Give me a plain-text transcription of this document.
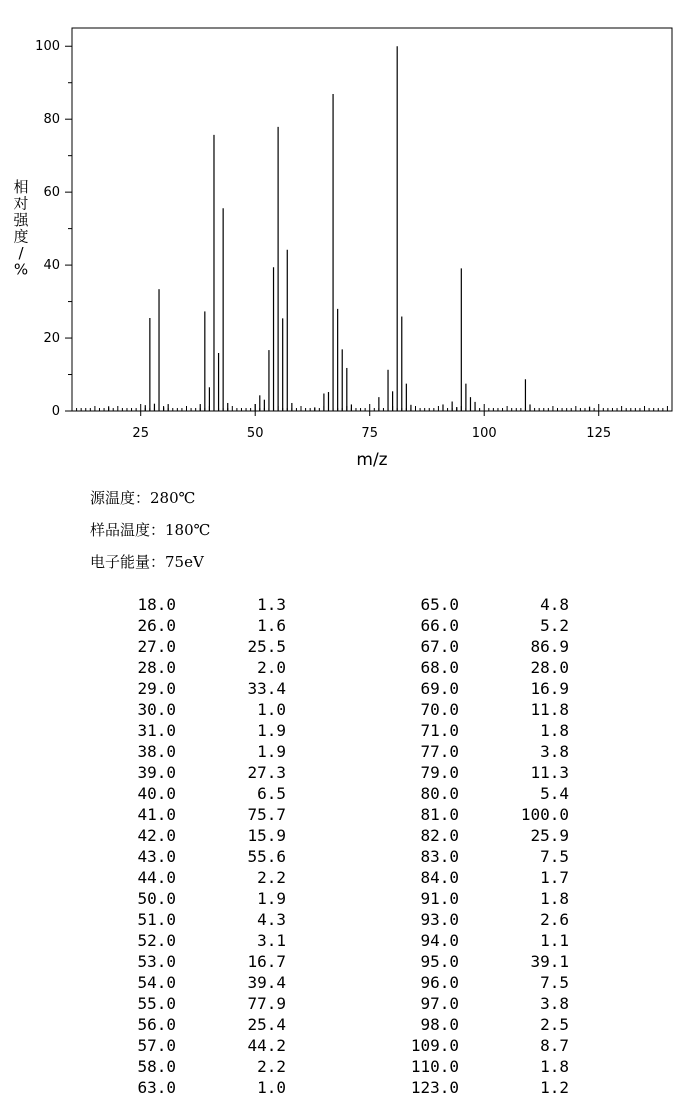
0
20
40
60
80
100
25	50	75	100	125
m/z
相对强度/ %
源温度：280℃
样品温度：180℃
电子能量：75eV
18.0	1.3	65.0	4.8
26.0	1.6	66.0	5.2
27.0	25.5	67.0	86.9
28.0	2.0	68.0	28.0
29.0	33.4	69.0	16.9
30.0	1.0	70.0	11.8
31.0	1.9	71.0	1.8
38.0	1.9	77.0	3.8
39.0	27.3	79.0	11.3
40.0	6.5	80.0	5.4
41.0	75.7	81.0	100.0
42.0	15.9	82.0	25.9
43.0	55.6	83.0	7.5
44.0	2.2	84.0	1.7
50.0	1.9	91.0	1.8
51.0	4.3	93.0	2.6
52.0	3.1	94.0	1.1
53.0	16.7	95.0	39.1
54.0	39.4	96.0	7.5
55.0	77.9	97.0	3.8
56.0	25.4	98.0	2.5
57.0	44.2	109.0	8.7
58.0	2.2	110.0	1.8
63.0	1.0	123.0	1.2
